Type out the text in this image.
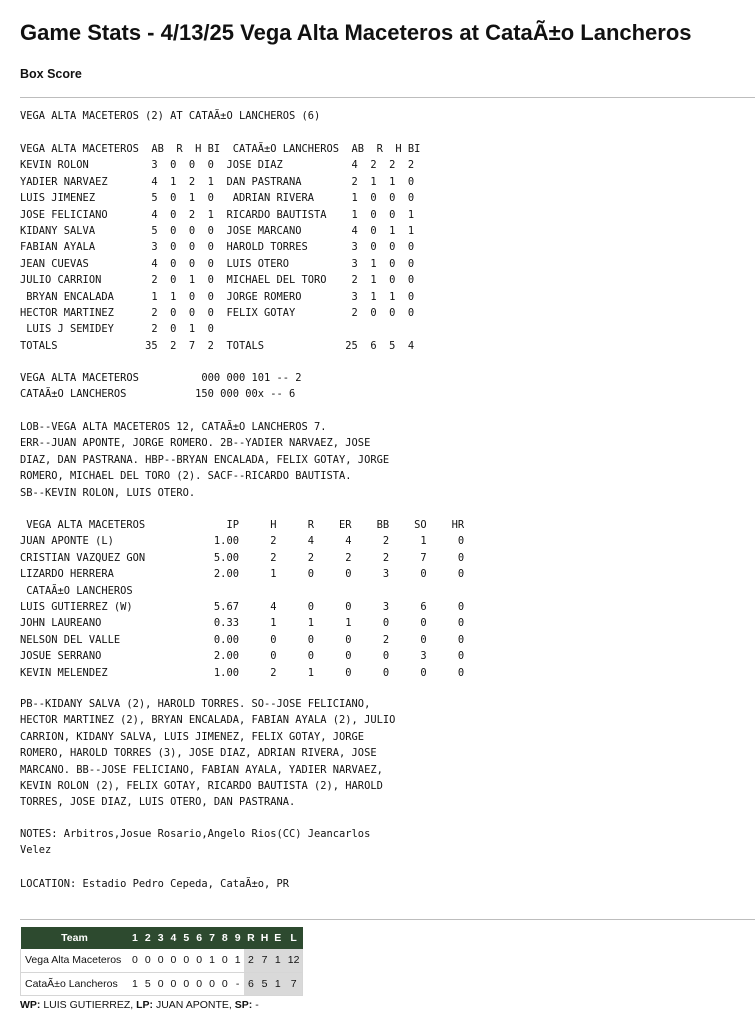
Game Stats - 4/13/25 Vega Alta Maceteros at CataÃ±o Lancheros
Box Score
VEGA ALTA MACETEROS (2) AT CATAÃ±O LANCHEROS (6)
VEGA ALTA MACETEROS  AB  R  H BI  CATAÃ±O LANCHEROS  AB  R  H BI
KEVIN ROLON          3  0  0  0  JOSE DIAZ           4  2  2  2
YADIER NARVAEZ       4  1  2  1  DAN PASTRANA        2  1  1  0
LUIS JIMENEZ         5  0  1  0   ADRIAN RIVERA      1  0  0  0
JOSE FELICIANO       4  0  2  1  RICARDO BAUTISTA    1  0  0  1
KIDANY SALVA         5  0  0  0  JOSE MARCANO        4  0  1  1
FABIAN AYALA         3  0  0  0  HAROLD TORRES       3  0  0  0
JEAN CUEVAS          4  0  0  0  LUIS OTERO          3  1  0  0
JULIO CARRION        2  0  1  0  MICHAEL DEL TORO    2  1  0  0
BRYAN ENCALADA      1  1  0  0  JORGE ROMERO        3  1  1  0
HECTOR MARTINEZ      2  0  0  0  FELIX GOTAY         2  0  0  0
LUIS J SEMIDEY      2  0  1  0
TOTALS              35  2  7  2  TOTALS             25  6  5  4
VEGA ALTA MACETEROS          000 000 101 -- 2
CATAÃ±O LANCHEROS           150 000 00x -- 6
LOB--VEGA ALTA MACETEROS 12, CATAÃ±O LANCHEROS 7.
ERR--JUAN APONTE, JORGE ROMERO. 2B--YADIER NARVAEZ, JOSE
DIAZ, DAN PASTRANA. HBP--BRYAN ENCALADA, FELIX GOTAY, JORGE
ROMERO, MICHAEL DEL TORO (2). SACF--RICARDO BAUTISTA.
SB--KEVIN ROLON, LUIS OTERO.
VEGA ALTA MACETEROS             IP     H     R    ER    BB    SO    HR
JUAN APONTE (L)                1.00     2     4     4     2     1     0
CRISTIAN VAZQUEZ GON           5.00     2     2     2     2     7     0
LIZARDO HERRERA                2.00     1     0     0     3     0     0
CATAÃ±O LANCHEROS
LUIS GUTIERREZ (W)             5.67     4     0     0     3     6     0
JOHN LAUREANO                  0.33     1     1     1     0     0     0
NELSON DEL VALLE               0.00     0     0     0     2     0     0
JOSUE SERRANO                  2.00     0     0     0     0     3     0
KEVIN MELENDEZ                 1.00     2     1     0     0     0     0
PB--KIDANY SALVA (2), HAROLD TORRES. SO--JOSE FELICIANO,
HECTOR MARTINEZ (2), BRYAN ENCALADA, FABIAN AYALA (2), JULIO
CARRION, KIDANY SALVA, LUIS JIMENEZ, FELIX GOTAY, JORGE
ROMERO, HAROLD TORRES (3), JOSE DIAZ, ADRIAN RIVERA, JOSE
MARCANO. BB--JOSE FELICIANO, FABIAN AYALA, YADIER NARVAEZ,
KEVIN ROLON (2), FELIX GOTAY, RICARDO BAUTISTA (2), HAROLD
TORRES, JOSE DIAZ, LUIS OTERO, DAN PASTRANA.
NOTES: Arbitros,Josue Rosario,Angelo Rios(CC) Jeancarlos
Velez
LOCATION: Estadio Pedro Cepeda, CataÃ±o, PR
Team	1	2	3	4	5	6	7	8	9	R	H	E	L
Vega Alta Maceteros	0	0	0	0	0	0	1	0	1	2	7	1	12
CataÃ±o Lancheros	1	5	0	0	0	0	0	0	-	6	5	1	7
WP: LUIS GUTIERREZ, LP: JUAN APONTE, SP: -
